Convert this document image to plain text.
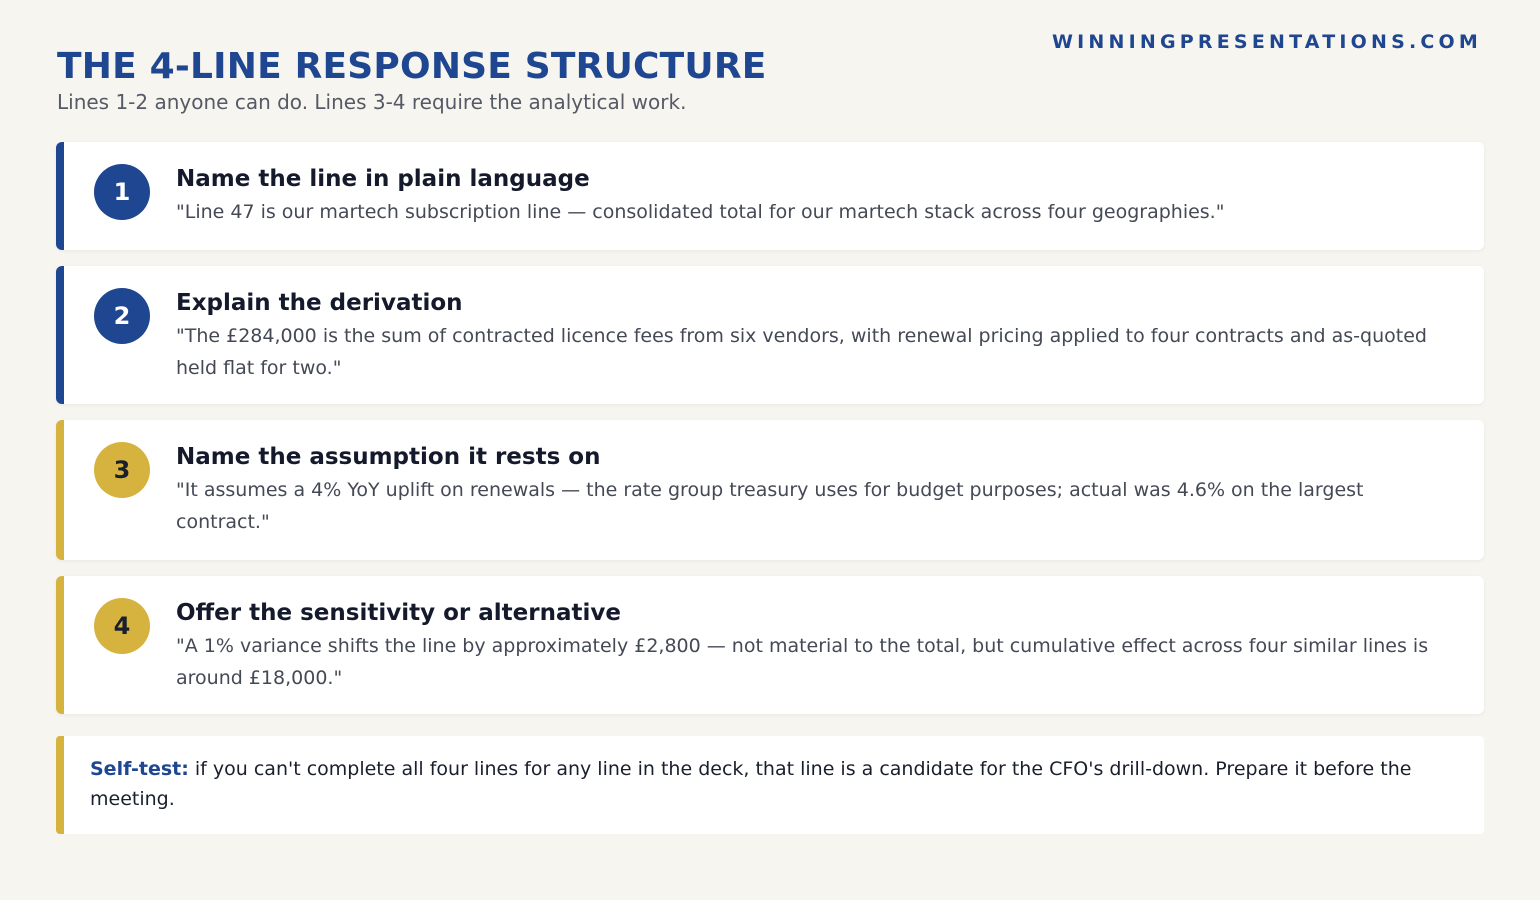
WINNINGPRESENTATIONS.COM
THE 4-LINE RESPONSE STRUCTURE
Lines 1-2 anyone can do. Lines 3-4 require the analytical work.
1	Name the line in plain language
"Line 47 is our martech subscription line — consolidated total for our martech stack across four geographies."
2	Explain the derivation
"The £284,000 is the sum of contracted licence fees from six vendors, with renewal pricing applied to four contracts and as-quoted held flat for two."
3	Name the assumption it rests on
"It assumes a 4% YoY uplift on renewals — the rate group treasury uses for budget purposes; actual was 4.6% on the largest contract."
4	Offer the sensitivity or alternative
"A 1% variance shifts the line by approximately £2,800 — not material to the total, but cumulative effect across four similar lines is around £18,000."
Self-test: if you can't complete all four lines for any line in the deck, that line is a candidate for the CFO's drill-down. Prepare it before the meeting.
